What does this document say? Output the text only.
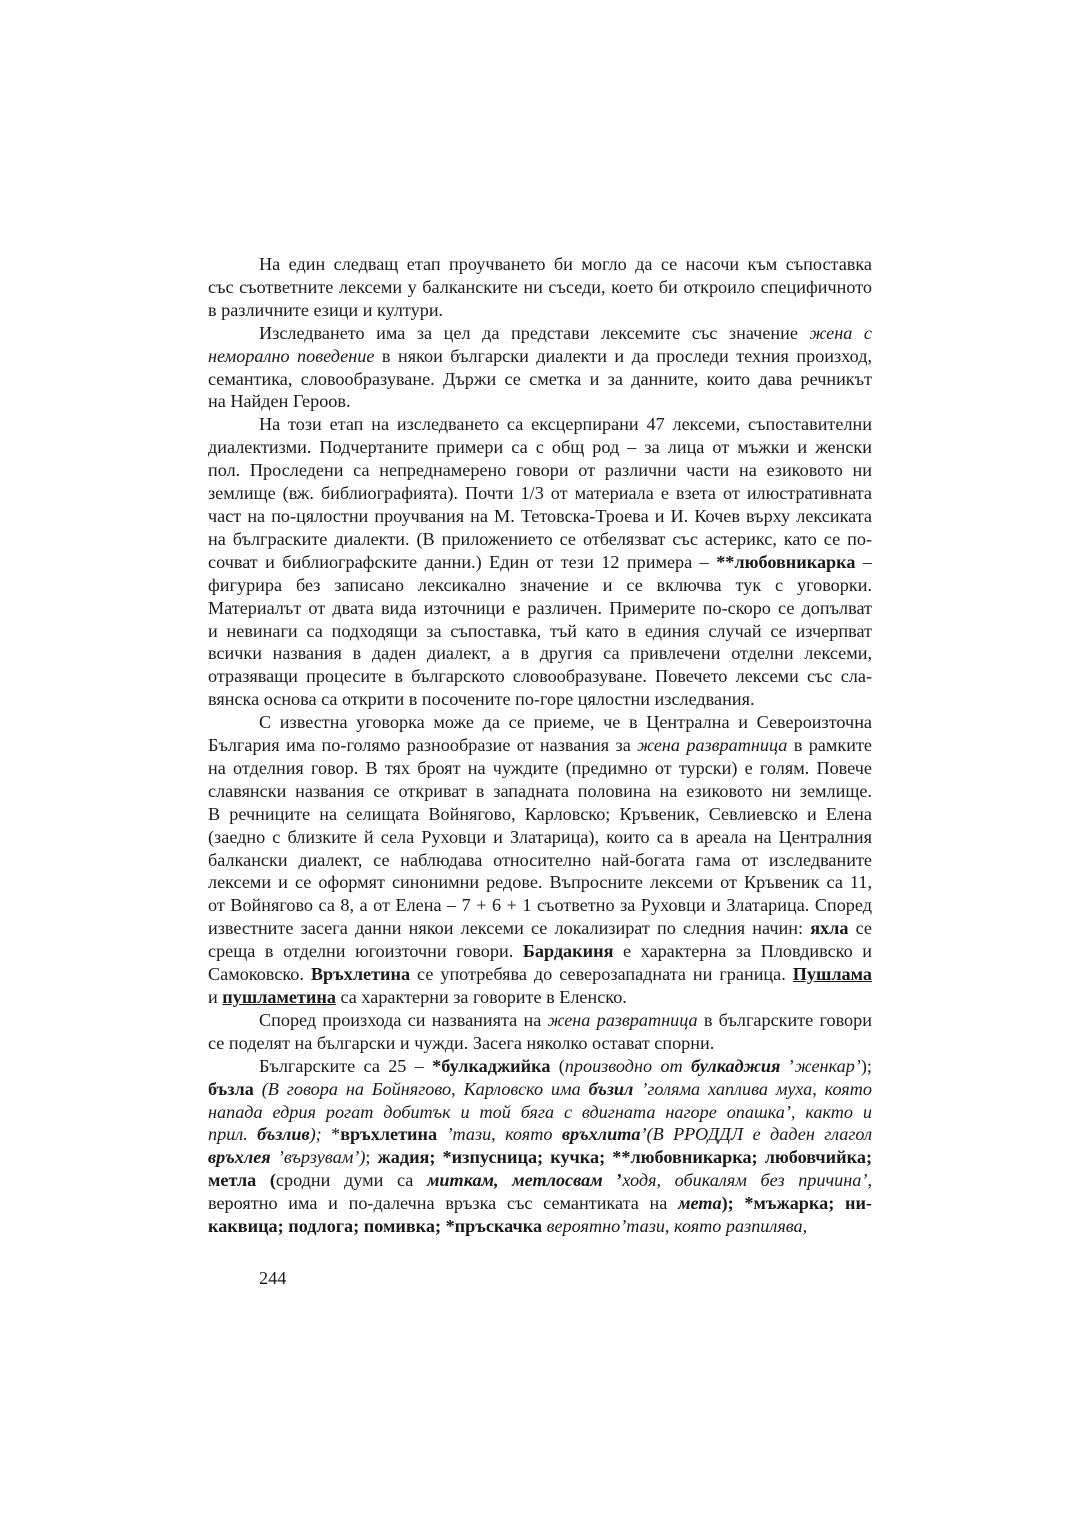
На един следващ етап проучването би могло да се насочи към съпоставка
със съответните лексеми у балканските ни съседи, което би откроило специфичното
в различните езици и култури.
Изследването има за цел да представи лексемите със значение жена с
неморално поведение в някои български диалекти и да проследи техния произход,
семантика, словообразуване. Държи се сметка и за данните, които дава речникът
на Найден Героов.
На този етап на изследването са ексцерпирани 47 лексеми, съпоставителни
диалектизми. Подчертаните примери са с общ род – за лица от мъжки и женски
пол. Проследени са непреднамерено говори от различни части на езиковото ни
землище (вж. библиографията). Почти 1/3 от материала е взета от илюстративната
част на по-цялостни проучвания на М. Тетовска-Троева и И. Кочев върху лексиката
на бълграските диалекти. (В приложението се отбелязват със астерикс, като се по-
сочват и библиографските данни.) Един от тези 12 примера – **любовникарка –
фигурира без записано лексикално значение и се включва тук с уговорки.
Материалът от двата вида източници е различен. Примерите по-скоро се допълват
и невинаги са подходящи за съпоставка, тъй като в единия случай се изчерпват
всички названия в даден диалект, а в другия са привлечени отделни лексеми,
отразяващи процесите в българското словообразуване. Повечето лексеми със сла-
вянска основа са открити в посочените по-горе цялостни изследвания.
С известна уговорка може да се приеме, че в Централна и Североизточна
България има по-голямо разнообразие от названия за жена развратница в рамките
на отделния говор. В тях броят на чуждите (предимно от турски) е голям. Повече
славянски названия се откриват в западната половина на езиковото ни землище.
В речниците на селищата Войнягово, Карловско; Кръвеник, Севлиевско и Елена
(заедно с близките й села Руховци и Златарица), които са в ареала на Централния
балкански диалект, се наблюдава относително най-богата гама от изследваните
лексеми и се оформят синонимни редове. Въпросните лексеми от Кръвеник са 11,
от Войнягово са 8, а от Елена – 7 + 6 + 1 съответно за Руховци и Златарица. Според
известните засега данни някои лексеми се локализират по следния начин: яхла се
среща в отделни югоизточни говори. Бардакиня е характерна за Пловдивско и
Самоковско. Връхлетина се употребява до северозападната ни граница. Пушлама
и пушламетина са характерни за говорите в Еленско.
Според произхода си названията на жена развратница в българските говори
се поделят на български и чужди. Засега няколко остават спорни.
Българските са 25 – *булкаджийка (производно от булкаджия ’женкар’);
бъзла (В говора на Бойнягово, Карловско има бъзил ’голяма хаплива муха, която
напада едрия рогат добитък и той бяга с вдигната нагоре опашка’, както и
прил. бъзлив); *връхлетина ’тази, която връхлита’(В РРОДДЛ е даден глагол
връхлея ’вързувам’); жадия; *изпусница; кучка; **любовникарка; любовчийка;
метла (сродни думи са миткам, метлосвам ’ходя, обикалям без причина’,
вероятно има и по-далечна връзка със семантиката на мета); *мъжарка; ни-
каквица; подлога; помивка; *пръскачка вероятно’тази, която разпилява,
244
